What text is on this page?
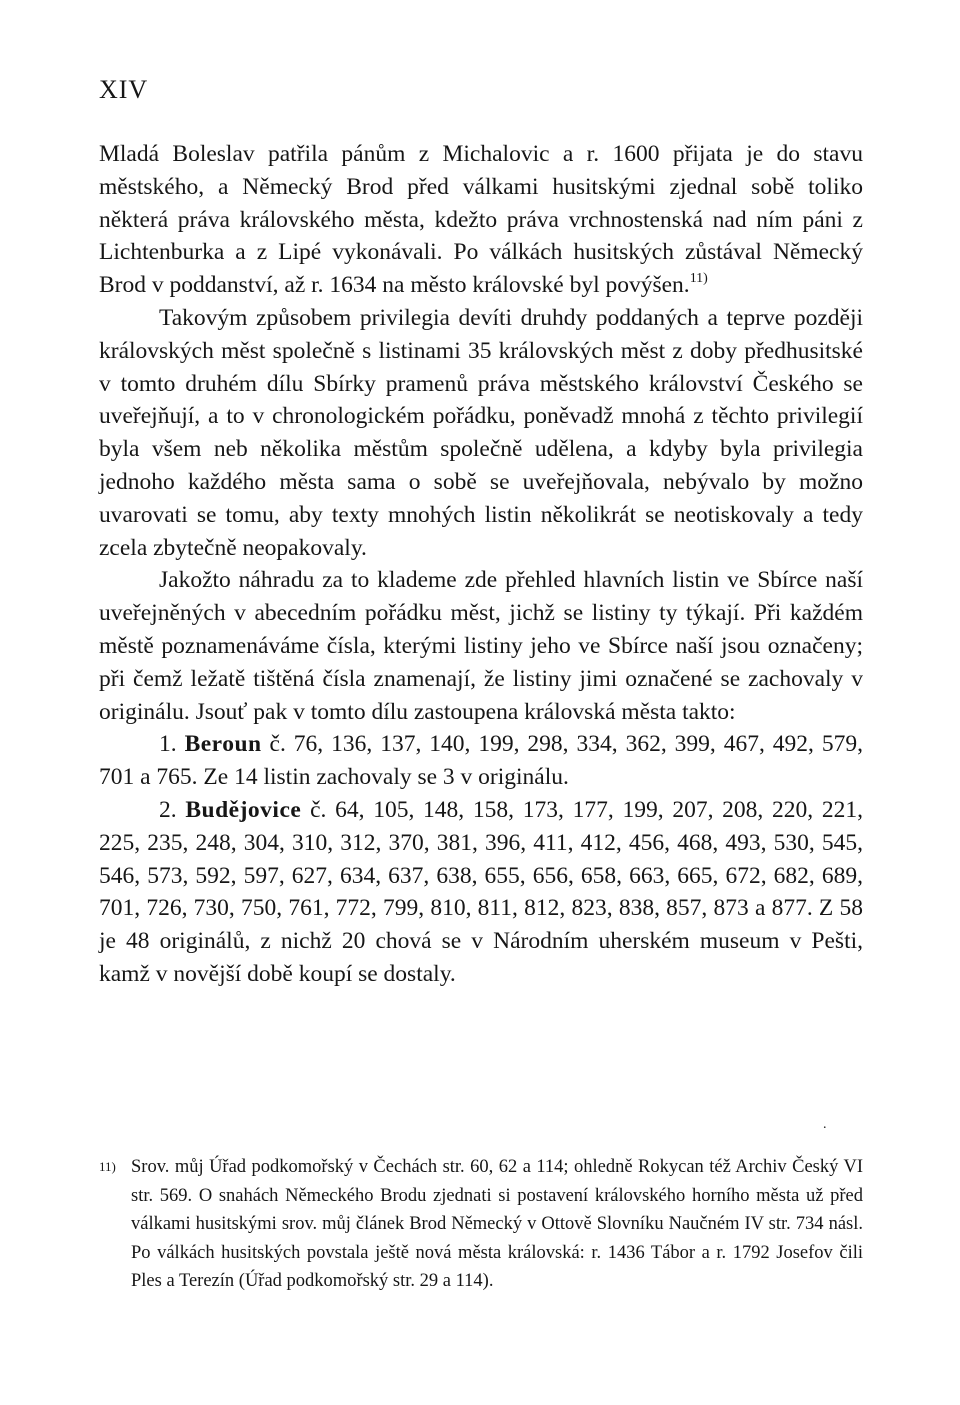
XIV

Mladá Boleslav patřila pánům z Michalovic a r. 1600 přijata je do stavu městského, a Německý Brod před válkami husitskými zjednal sobě toliko některá práva královského města, kdežto práva vrchnostenská nad ním páni z Lichtenburka a z Lipé vykonávali. Po válkách husitských zůstával Německý Brod v poddanství, až r. 1634 na město královské byl povýšen.$^{11)}$

Takovým způsobem privilegia devíti druhdy poddaných a teprve později královských měst společně s listinami 35 královských měst z doby předhusitské v tomto druhém dílu Sbírky pramenů práva městského království Českého se uveřejňují, a to v chronologickém pořádku, poněvadž mnohá z těchto privilegií byla všem neb několika městům společně udělena, a kdyby byla privilegia jednoho každého města sama o sobě se uveřejňovala, nebývalo by možno uvarovati se tomu, aby texty mnohých listin několikrát se neotiskovaly a tedy zcela zbytečně neopakovaly.

Jakožto náhradu za to klademe zde přehled hlavních listin ve Sbírce naší uveřejněných v abecedním pořádku měst, jichž se listiny ty týkají. Při každém městě poznamenáváme čísla, kterými listiny jeho ve Sbírce naší jsou označeny; při čemž ležatě tištěná čísla znamenají, že listiny jimi označené se zachovaly v originálu. Jsouť pak v tomto dílu zastoupena královská města takto:

1. Beroun č. 76, 136, 137, 140, 199, 298, 334, 362, 399, 467, 492, 579, 701 a 765. Ze 14 listin zachovaly se 3 v originálu.

2. Budějovice č. 64, 105, 148, 158, 173, 177, 199, 207, 208, 220, 221, 225, 235, 248, 304, 310, 312, 370, 381, 396, 411, 412, 456, 468, 493, 530, 545, 546, 573, 592, 597, 627, 634, 637, 638, 655, 656, 658, 663, 665, 672, 682, 689, 701, 726, 730, 750, 761, 772, 799, 810, 811, 812, 823, 838, 857, 873 a 877. Z 58 je 48 originálů, z nichž 20 chová se v Národním uherském museum v Pešti, kamž v novější době koupí se dostaly.

.
11) Srov. můj Úřad podkomořský v Čechách str. 60, 62 a 114; ohledně Rokycan též Archiv Český VI str. 569. O snahách Německého Brodu zjednati si postavení královského horního města už před válkami husitskými srov. můj článek Brod Německý v Ottově Slovníku Naučném IV str. 734 násl. Po válkách husitských povstala ještě nová města královská: r. 1436 Tábor a r. 1792 Josefov čili Ples a Terezín (Úřad podkomořský str. 29 a 114).
